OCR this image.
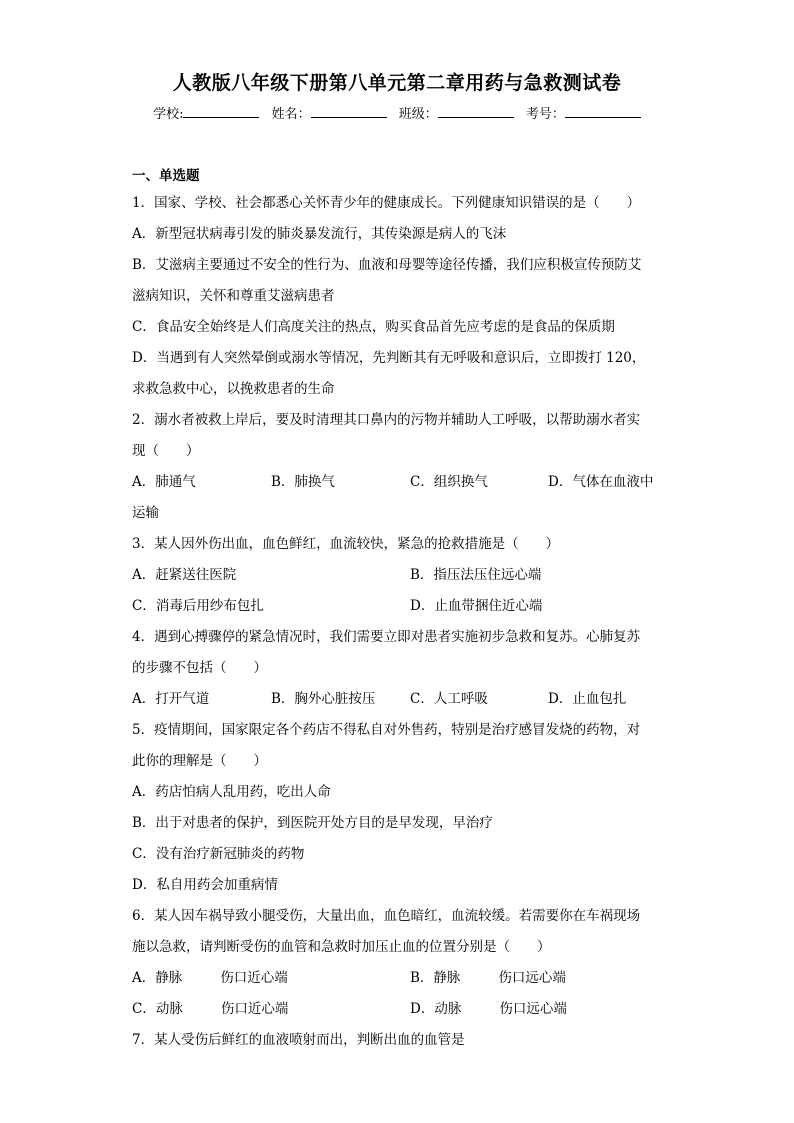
人教版八年级下册第八单元第二章用药与急救测试卷
学校:	姓名：	班级：	考号：
一、单选题
1．国家、学校、社会都悉心关怀青少年的健康成长。下列健康知识错误的是（　　）
A．新型冠状病毒引发的肺炎暴发流行，其传染源是病人的飞沫
B．艾滋病主要通过不安全的性行为、血液和母婴等途径传播，我们应积极宣传预防艾
滋病知识，关怀和尊重艾滋病患者
C．食品安全始终是人们高度关注的热点，购买食品首先应考虑的是食品的保质期
D．当遇到有人突然晕倒或溺水等情况，先判断其有无呼吸和意识后，立即拨打 120，
求救急救中心，以挽救患者的生命
2．溺水者被救上岸后，要及时清理其口鼻内的污物并辅助人工呼吸，以帮助溺水者实
现（　　）
A．肺通气	B．肺换气	C．组织换气	D．气体在血液中
运输
3．某人因外伤出血，血色鲜红，血流较快，紧急的抢救措施是（　　）
A．赶紧送往医院	B．指压法压住远心端
C．消毒后用纱布包扎	D．止血带捆住近心端
4．遇到心搏骤停的紧急情况时，我们需要立即对患者实施初步急救和复苏。心肺复苏
的步骤不包括（　　）
A．打开气道	B．胸外心脏按压	C．人工呼吸	D．止血包扎
5．疫情期间，国家限定各个药店不得私自对外售药，特别是治疗感冒发烧的药物，对
此你的理解是（　　）
A．药店怕病人乱用药，吃出人命
B．出于对患者的保护，到医院开处方目的是早发现，早治疗
C．没有治疗新冠肺炎的药物
D．私自用药会加重病情
6．某人因车祸导致小腿受伤，大量出血，血色暗红，血流较缓。若需要你在车祸现场
施以急救，请判断受伤的血管和急救时加压止血的位置分别是（　　）
A．静脉	伤口近心端	B．静脉	伤口远心端
C．动脉	伤口近心端	D．动脉	伤口远心端
7．某人受伤后鲜红的血液喷射而出，判断出血的血管是
